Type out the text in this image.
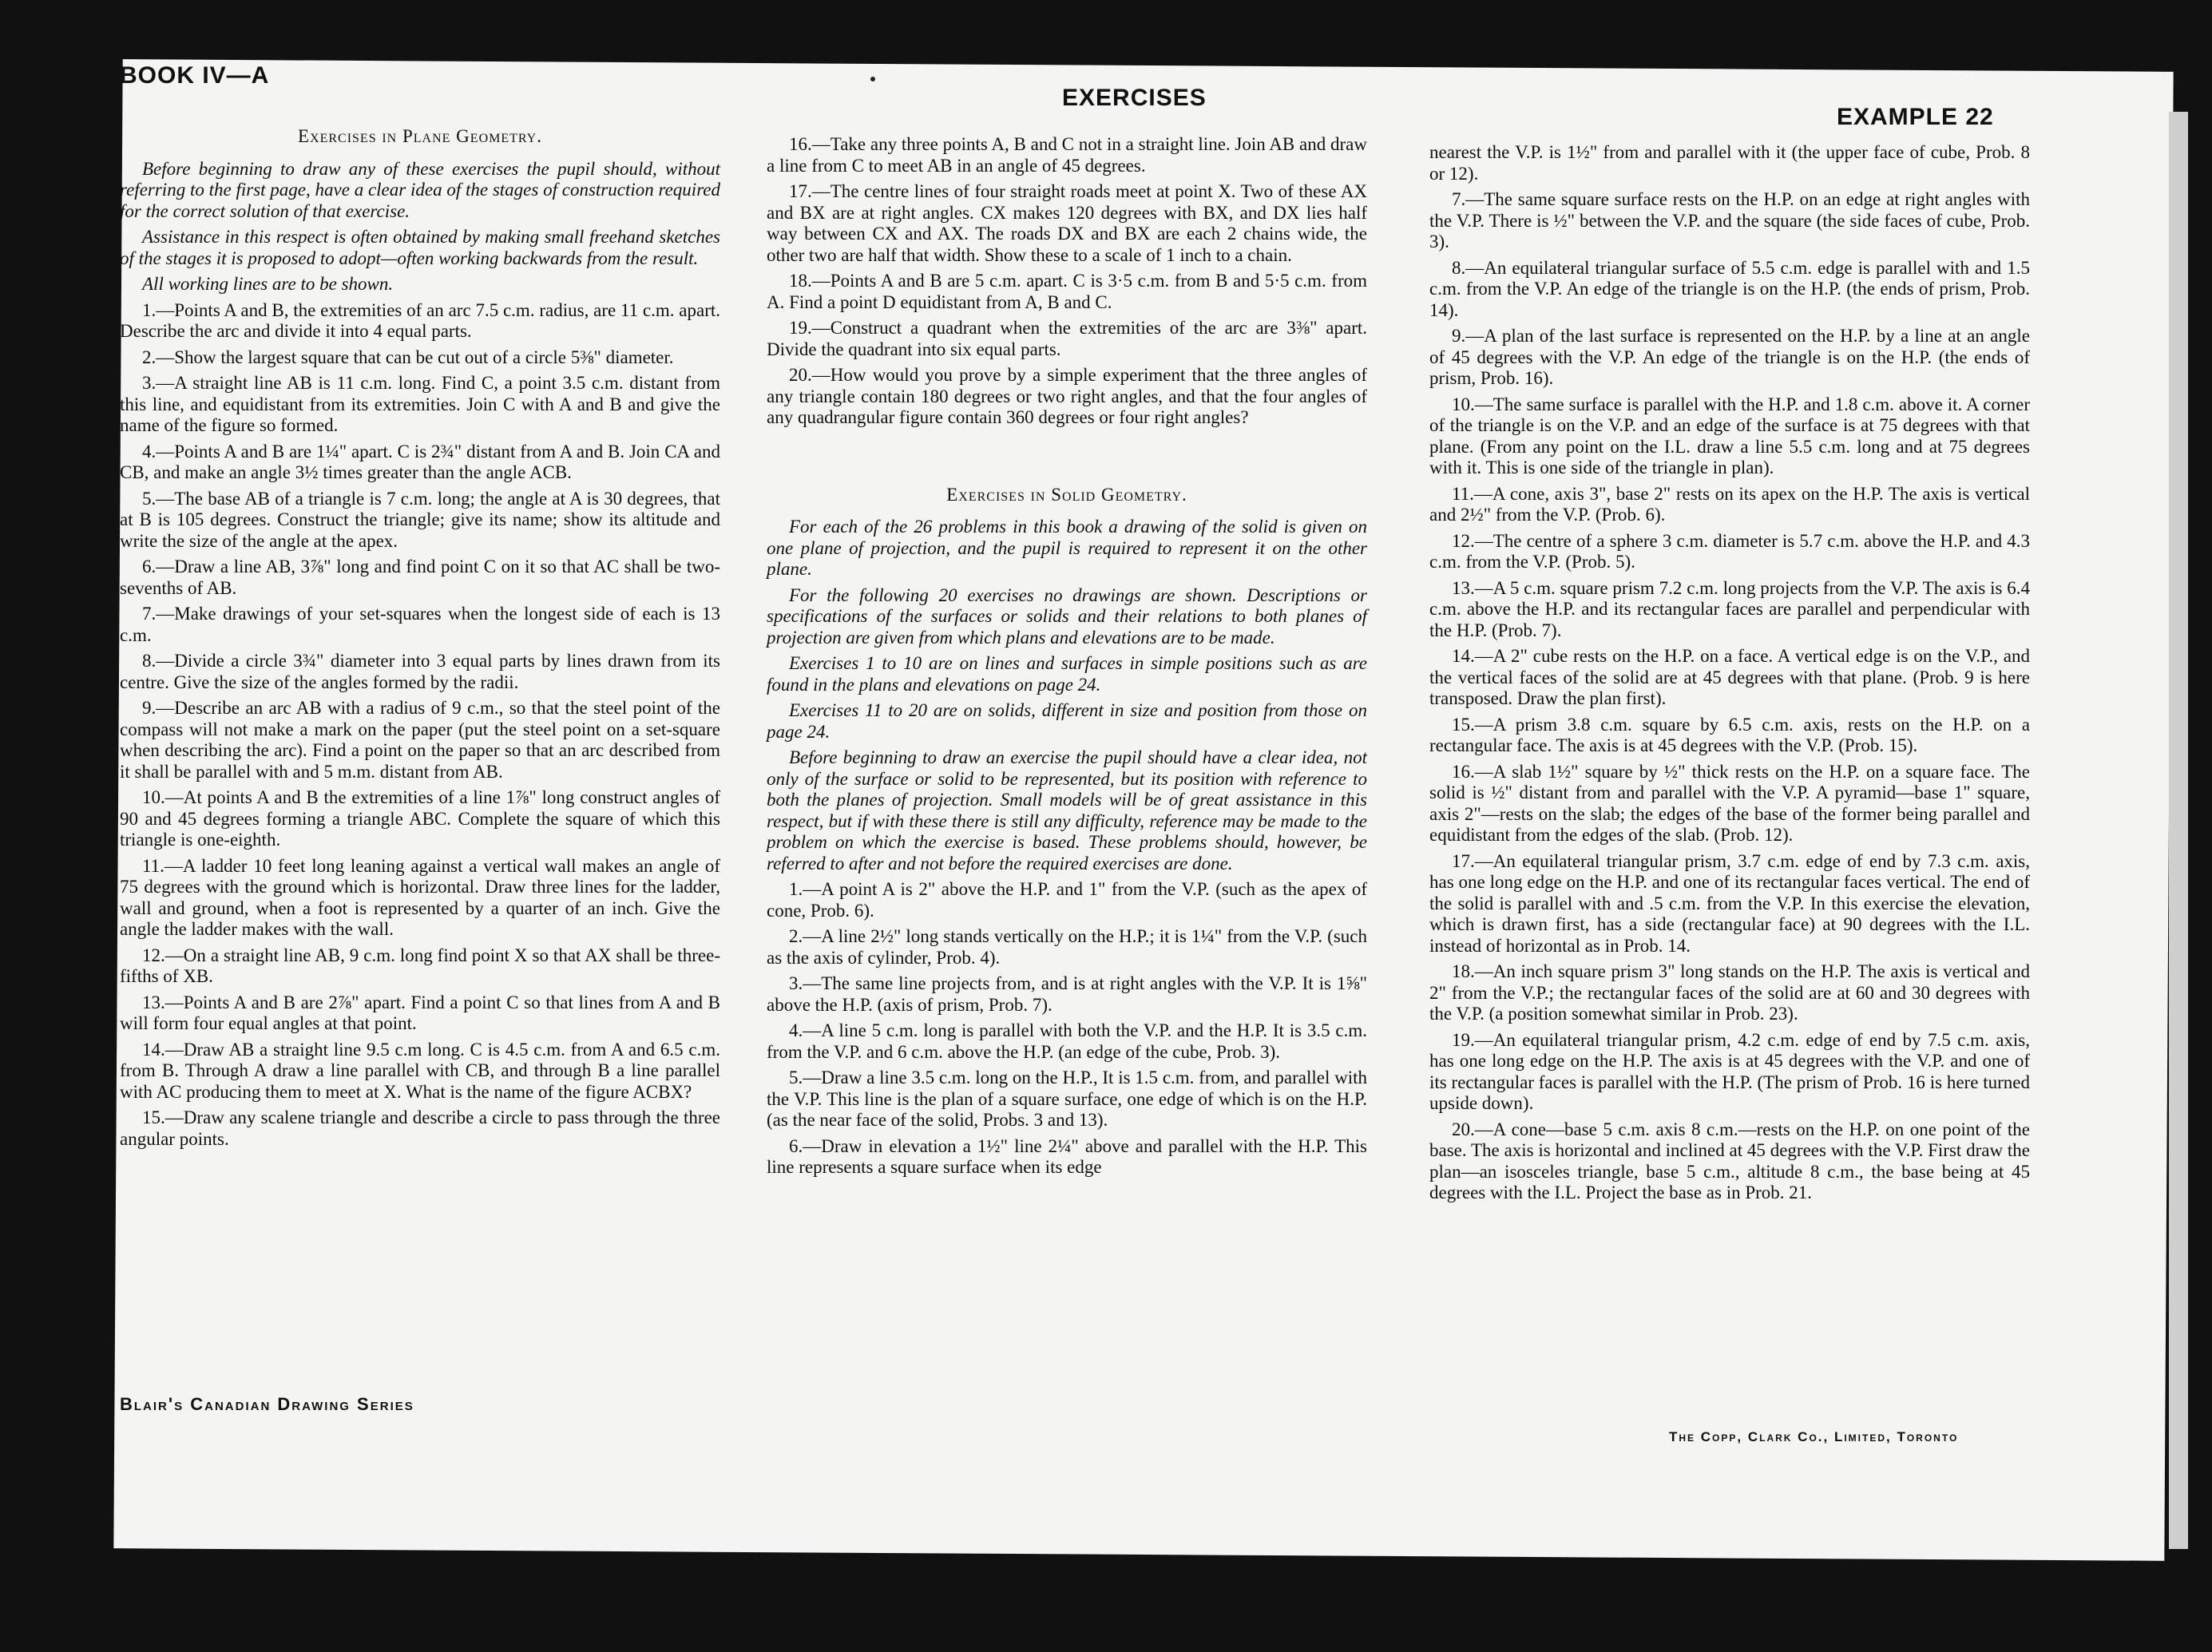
BOOK IV—A
EXERCISES
EXAMPLE 22
Exercises in Plane Geometry.

Before beginning to draw any of these exercises the pupil should, without referring to the first page, have a clear idea of the stages of construction required for the correct solution of that exercise.

Assistance in this respect is often obtained by making small freehand sketches of the stages it is proposed to adopt—often working backwards from the result.

All working lines are to be shown.

1.—Points A and B, the extremities of an arc 7.5 c.m. radius, are 11 c.m. apart. Describe the arc and divide it into 4 equal parts.

2.—Show the largest square that can be cut out of a circle 5⅜" diameter.

3.—A straight line AB is 11 c.m. long. Find C, a point 3.5 c.m. distant from this line, and equidistant from its extremities. Join C with A and B and give the name of the figure so formed.

4.—Points A and B are 1¼" apart. C is 2¾" distant from A and B. Join CA and CB, and make an angle 3½ times greater than the angle ACB.

5.—The base AB of a triangle is 7 c.m. long; the angle at A is 30 degrees, that at B is 105 degrees. Construct the triangle; give its name; show its altitude and write the size of the angle at the apex.

6.—Draw a line AB, 3⅞" long and find point C on it so that AC shall be two-sevenths of AB.

7.—Make drawings of your set-squares when the longest side of each is 13 c.m.

8.—Divide a circle 3¾" diameter into 3 equal parts by lines drawn from its centre. Give the size of the angles formed by the radii.

9.—Describe an arc AB with a radius of 9 c.m., so that the steel point of the compass will not make a mark on the paper (put the steel point on a set-square when describing the arc). Find a point on the paper so that an arc described from it shall be parallel with and 5 m.m. distant from AB.

10.—At points A and B the extremities of a line 1⅞" long construct angles of 90 and 45 degrees forming a triangle ABC. Complete the square of which this triangle is one-eighth.

11.—A ladder 10 feet long leaning against a vertical wall makes an angle of 75 degrees with the ground which is horizontal. Draw three lines for the ladder, wall and ground, when a foot is represented by a quarter of an inch. Give the angle the ladder makes with the wall.

12.—On a straight line AB, 9 c.m. long find point X so that AX shall be three-fifths of XB.

13.—Points A and B are 2⅞" apart. Find a point C so that lines from A and B will form four equal angles at that point.

14.—Draw AB a straight line 9.5 c.m long. C is 4.5 c.m. from A and 6.5 c.m. from B. Through A draw a line parallel with CB, and through B a line parallel with AC producing them to meet at X. What is the name of the figure ACBX?

15.—Draw any scalene triangle and describe a circle to pass through the three angular points.

16.—Take any three points A, B and C not in a straight line. Join AB and draw a line from C to meet AB in an angle of 45 degrees.

17.—The centre lines of four straight roads meet at point X. Two of these AX and BX are at right angles. CX makes 120 degrees with BX, and DX lies half way between CX and AX. The roads DX and BX are each 2 chains wide, the other two are half that width. Show these to a scale of 1 inch to a chain.

18.—Points A and B are 5 c.m. apart. C is 3·5 c.m. from B and 5·5 c.m. from A. Find a point D equidistant from A, B and C.

19.—Construct a quadrant when the extremities of the arc are 3⅜" apart. Divide the quadrant into six equal parts.

20.—How would you prove by a simple experiment that the three angles of any triangle contain 180 degrees or two right angles, and that the four angles of any quadrangular figure contain 360 degrees or four right angles?

Exercises in Solid Geometry.

For each of the 26 problems in this book a drawing of the solid is given on one plane of projection, and the pupil is required to represent it on the other plane.

For the following 20 exercises no drawings are shown. Descriptions or specifications of the surfaces or solids and their relations to both planes of projection are given from which plans and elevations are to be made.

Exercises 1 to 10 are on lines and surfaces in simple positions such as are found in the plans and elevations on page 24.

Exercises 11 to 20 are on solids, different in size and position from those on page 24.

Before beginning to draw an exercise the pupil should have a clear idea, not only of the surface or solid to be represented, but its position with reference to both the planes of projection. Small models will be of great assistance in this respect, but if with these there is still any difficulty, reference may be made to the problem on which the exercise is based. These problems should, however, be referred to after and not before the required exercises are done.

1.—A point A is 2" above the H.P. and 1" from the V.P. (such as the apex of cone, Prob. 6).

2.—A line 2½" long stands vertically on the H.P.; it is 1¼" from the V.P. (such as the axis of cylinder, Prob. 4).

3.—The same line projects from, and is at right angles with the V.P. It is 1⅝" above the H.P. (axis of prism, Prob. 7).

4.—A line 5 c.m. long is parallel with both the V.P. and the H.P. It is 3.5 c.m. from the V.P. and 6 c.m. above the H.P. (an edge of the cube, Prob. 3).

5.—Draw a line 3.5 c.m. long on the H.P., It is 1.5 c.m. from, and parallel with the V.P. This line is the plan of a square surface, one edge of which is on the H.P. (as the near face of the solid, Probs. 3 and 13).

6.—Draw in elevation a 1½" line 2¼" above and parallel with the H.P. This line represents a square surface when its edge

nearest the V.P. is 1½" from and parallel with it (the upper face of cube, Prob. 8 or 12).

7.—The same square surface rests on the H.P. on an edge at right angles with the V.P. There is ½" between the V.P. and the square (the side faces of cube, Prob. 3).

8.—An equilateral triangular surface of 5.5 c.m. edge is parallel with and 1.5 c.m. from the V.P. An edge of the triangle is on the H.P. (the ends of prism, Prob. 14).

9.—A plan of the last surface is represented on the H.P. by a line at an angle of 45 degrees with the V.P. An edge of the triangle is on the H.P. (the ends of prism, Prob. 16).

10.—The same surface is parallel with the H.P. and 1.8 c.m. above it. A corner of the triangle is on the V.P. and an edge of the surface is at 75 degrees with that plane. (From any point on the I.L. draw a line 5.5 c.m. long and at 75 degrees with it. This is one side of the triangle in plan).

11.—A cone, axis 3", base 2" rests on its apex on the H.P. The axis is vertical and 2½" from the V.P. (Prob. 6).

12.—The centre of a sphere 3 c.m. diameter is 5.7 c.m. above the H.P. and 4.3 c.m. from the V.P. (Prob. 5).

13.—A 5 c.m. square prism 7.2 c.m. long projects from the V.P. The axis is 6.4 c.m. above the H.P. and its rectangular faces are parallel and perpendicular with the H.P. (Prob. 7).

14.—A 2" cube rests on the H.P. on a face. A vertical edge is on the V.P., and the vertical faces of the solid are at 45 degrees with that plane. (Prob. 9 is here transposed. Draw the plan first).

15.—A prism 3.8 c.m. square by 6.5 c.m. axis, rests on the H.P. on a rectangular face. The axis is at 45 degrees with the V.P. (Prob. 15).

16.—A slab 1½" square by ½" thick rests on the H.P. on a square face. The solid is ½" distant from and parallel with the V.P. A pyramid—base 1" square, axis 2"—rests on the slab; the edges of the base of the former being parallel and equidistant from the edges of the slab. (Prob. 12).

17.—An equilateral triangular prism, 3.7 c.m. edge of end by 7.3 c.m. axis, has one long edge on the H.P. and one of its rectangular faces vertical. The end of the solid is parallel with and .5 c.m. from the V.P. In this exercise the elevation, which is drawn first, has a side (rectangular face) at 90 degrees with the I.L. instead of horizontal as in Prob. 14.

18.—An inch square prism 3" long stands on the H.P. The axis is vertical and 2" from the V.P.; the rectangular faces of the solid are at 60 and 30 degrees with the V.P. (a position somewhat similar in Prob. 23).

19.—An equilateral triangular prism, 4.2 c.m. edge of end by 7.5 c.m. axis, has one long edge on the H.P. The axis is at 45 degrees with the V.P. and one of its rectangular faces is parallel with the H.P. (The prism of Prob. 16 is here turned upside down).

20.—A cone—base 5 c.m. axis 8 c.m.—rests on the H.P. on one point of the base. The axis is horizontal and inclined at 45 degrees with the V.P. First draw the plan—an isosceles triangle, base 5 c.m., altitude 8 c.m., the base being at 45 degrees with the I.L. Project the base as in Prob. 21.

Blair's Canadian Drawing Series
The Copp, Clark Co., Limited, Toronto
